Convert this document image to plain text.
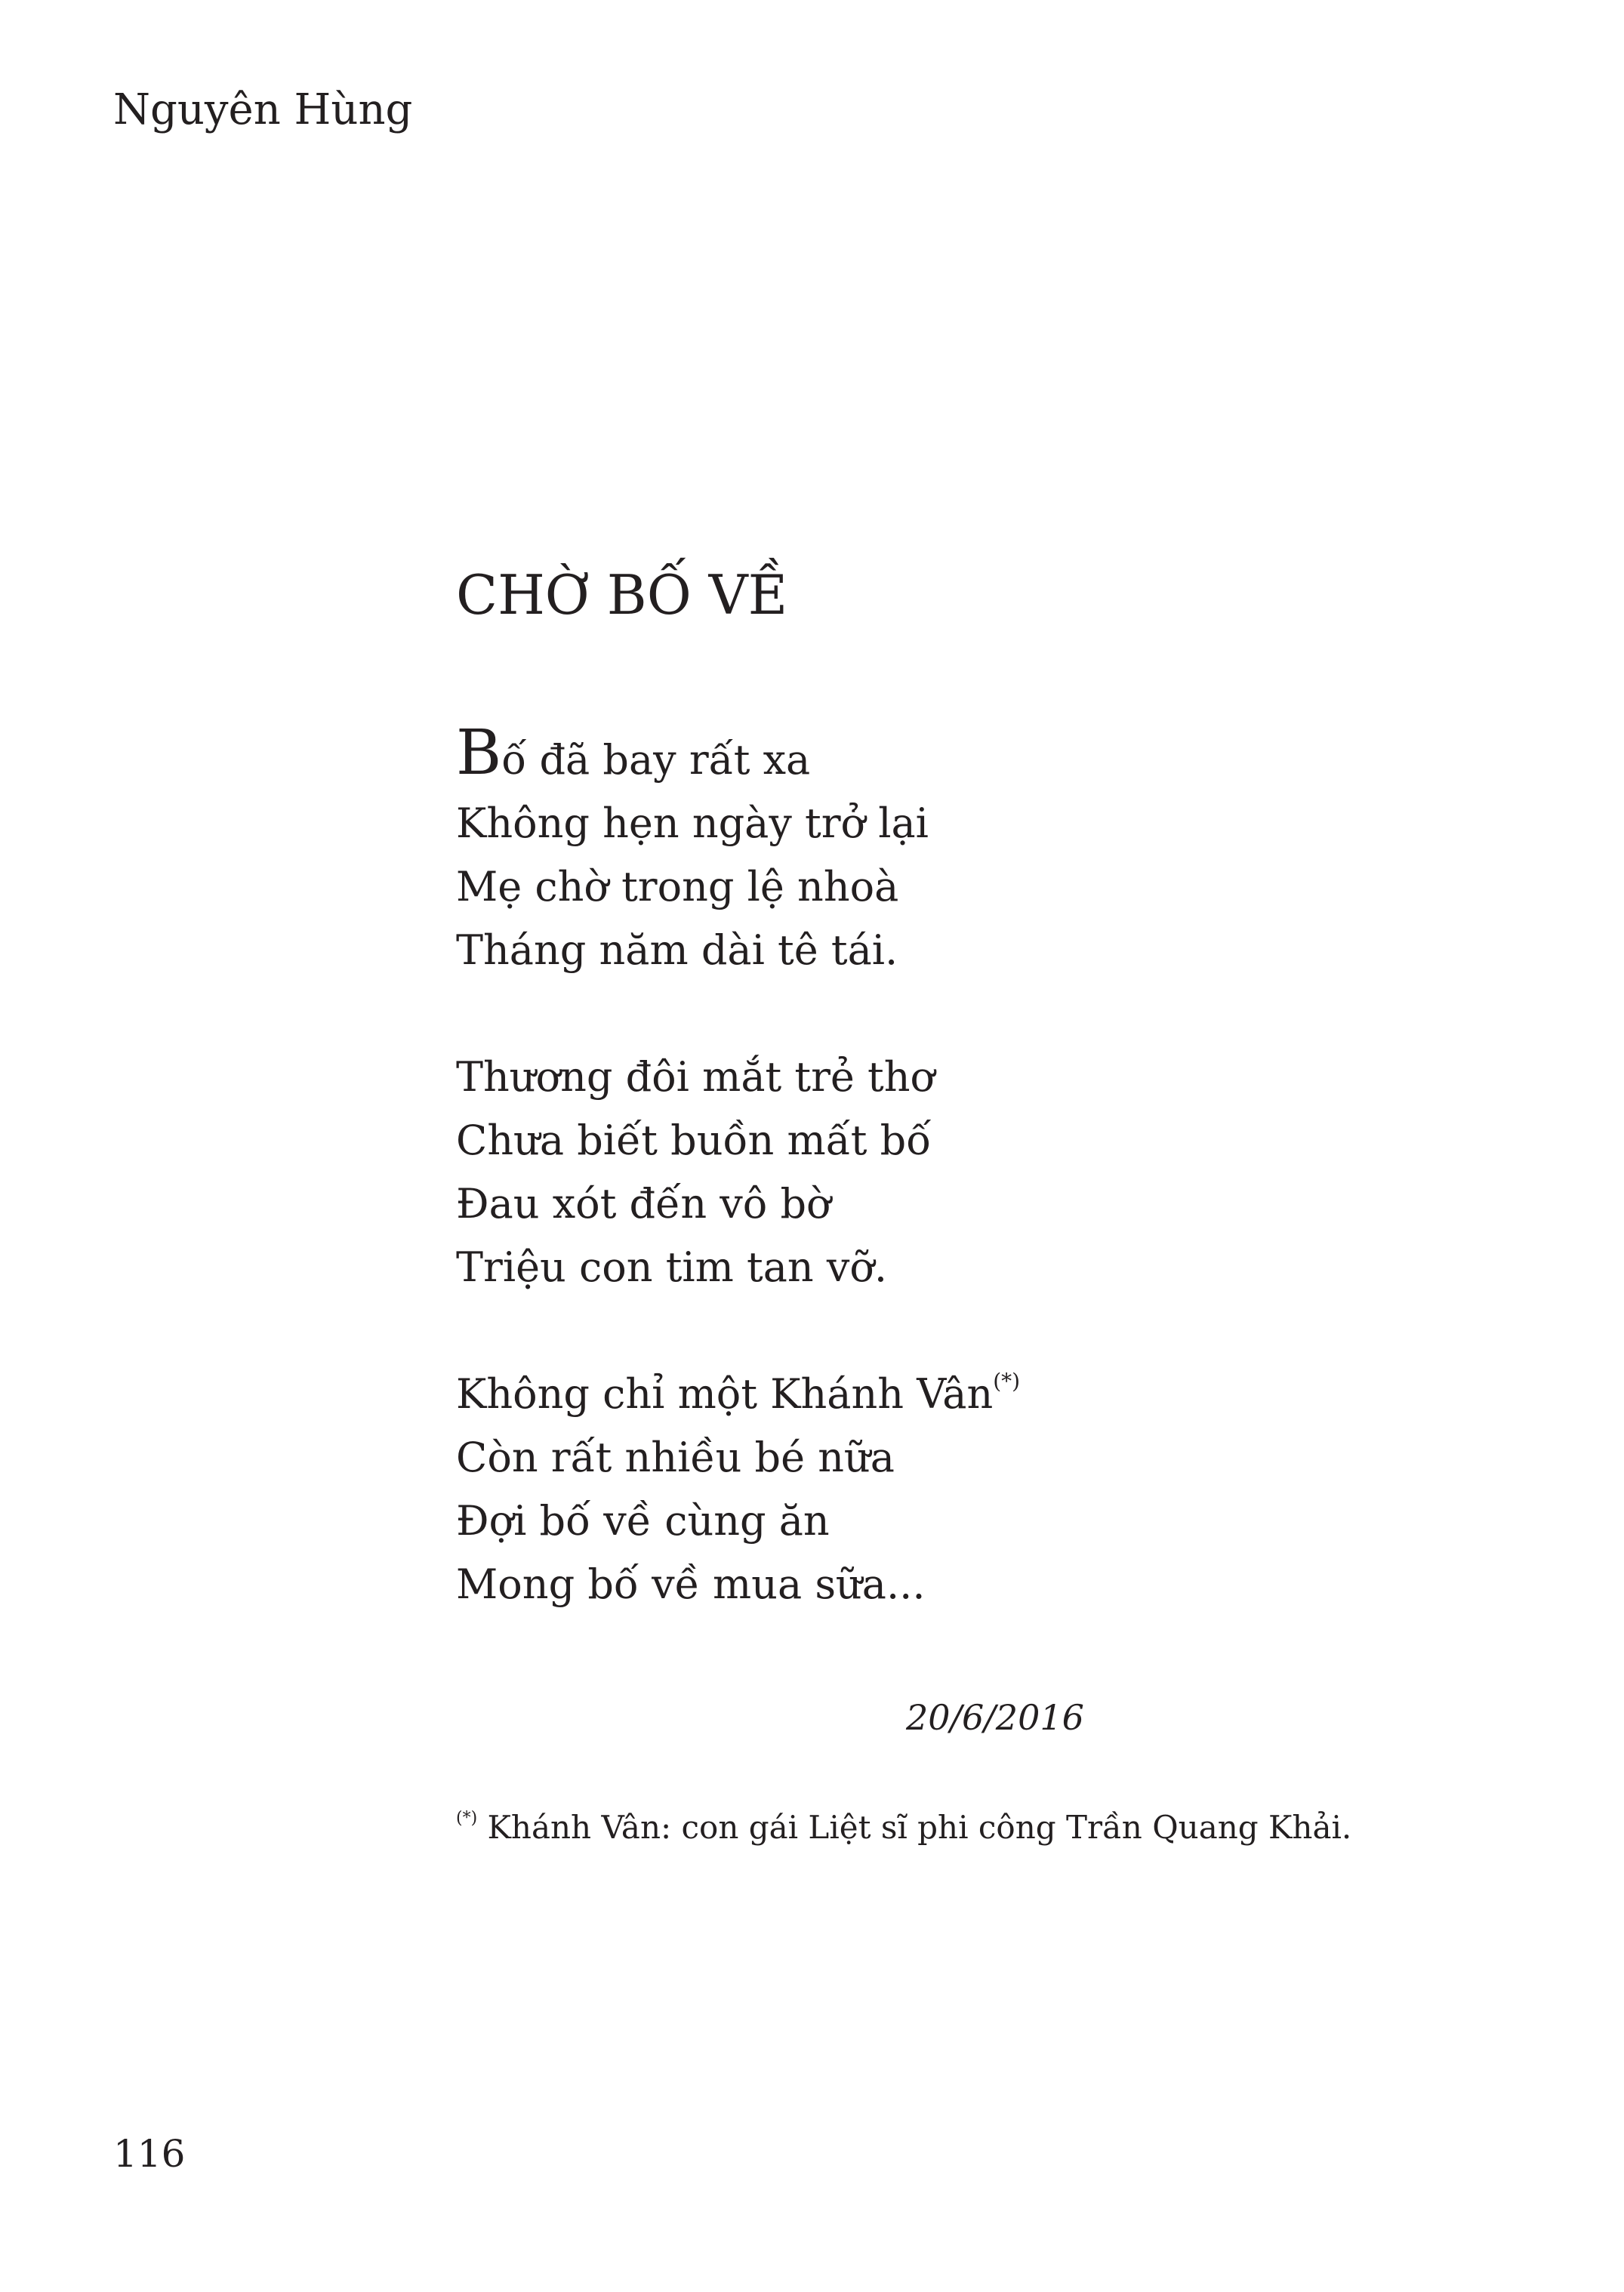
Nguyên Hùng
CHỜ BỐ VỀ
Bố đã bay rất xa
Không hẹn ngày trở lại
Mẹ chờ trong lệ nhoà
Tháng năm dài tê tái.
Thương đôi mắt trẻ thơ
Chưa biết buồn mất bố
Đau xót đến vô bờ
Triệu con tim tan vỡ.
Không chỉ một Khánh Vân(*)
Còn rất nhiều bé nữa
Đợi bố về cùng ăn
Mong bố về mua sữa...
20/6/2016
(*) Khánh Vân: con gái Liệt sĩ phi công Trần Quang Khải.
116
